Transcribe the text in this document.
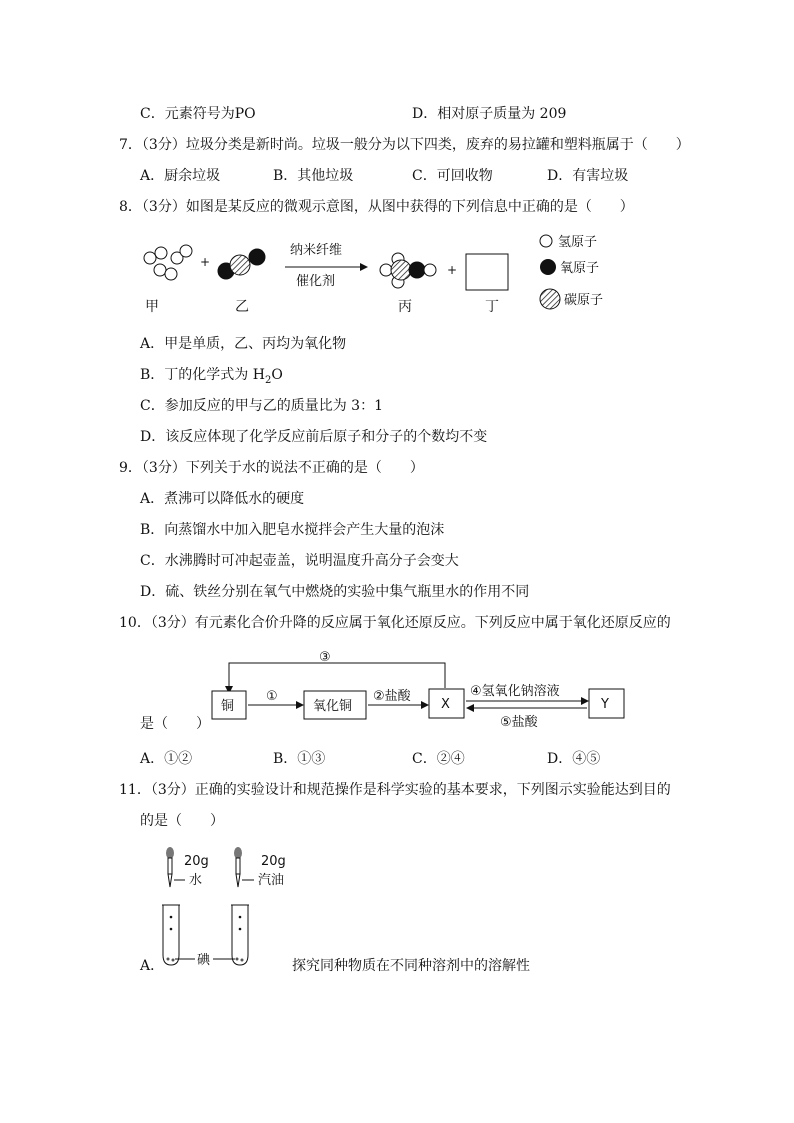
C．元素符号为PO	D．相对原子质量为 209
7．（3分）垃圾分类是新时尚。垃圾一般分为以下四类，废弃的易拉罐和塑料瓶属于（　　）
A．厨余垃圾	B．其他垃圾	C．可回收物	D．有害垃圾
8．（3分）如图是某反应的微观示意图，从图中获得的下列信息中正确的是（　　）
+
纳米纤维
催化剂
+
甲	乙	丙	丁
氢原子
氧原子
碳原子
A．甲是单质，乙、丙均为氧化物
B．丁的化学式为 $H_2O$
C．参加反应的甲与乙的质量比为 3：1
D．该反应体现了化学反应前后原子和分子的个数均不变
9．（3分）下列关于水的说法不正确的是（　　）
A．煮沸可以降低水的硬度
B．向蒸馏水中加入肥皂水搅拌会产生大量的泡沫
C．水沸腾时可冲起壶盖，说明温度升高分子会变大
D．硫、铁丝分别在氧气中燃烧的实验中集气瓶里水的作用不同
10．（3分）有元素化合价升降的反应属于氧化还原反应。下列反应中属于氧化还原反应的
③
铜	氧化铜	X	Y
①	②盐酸	④氢氧化钠溶液
⑤盐酸
是（　　）
A．①②	B．①③	C．②④	D．④⑤
11．（3分）正确的实验设计和规范操作是科学实验的基本要求，下列图示实验能达到目的
的是（　　）
20g
水
20g
汽油
碘
A．	探究同种物质在不同种溶剂中的溶解性
